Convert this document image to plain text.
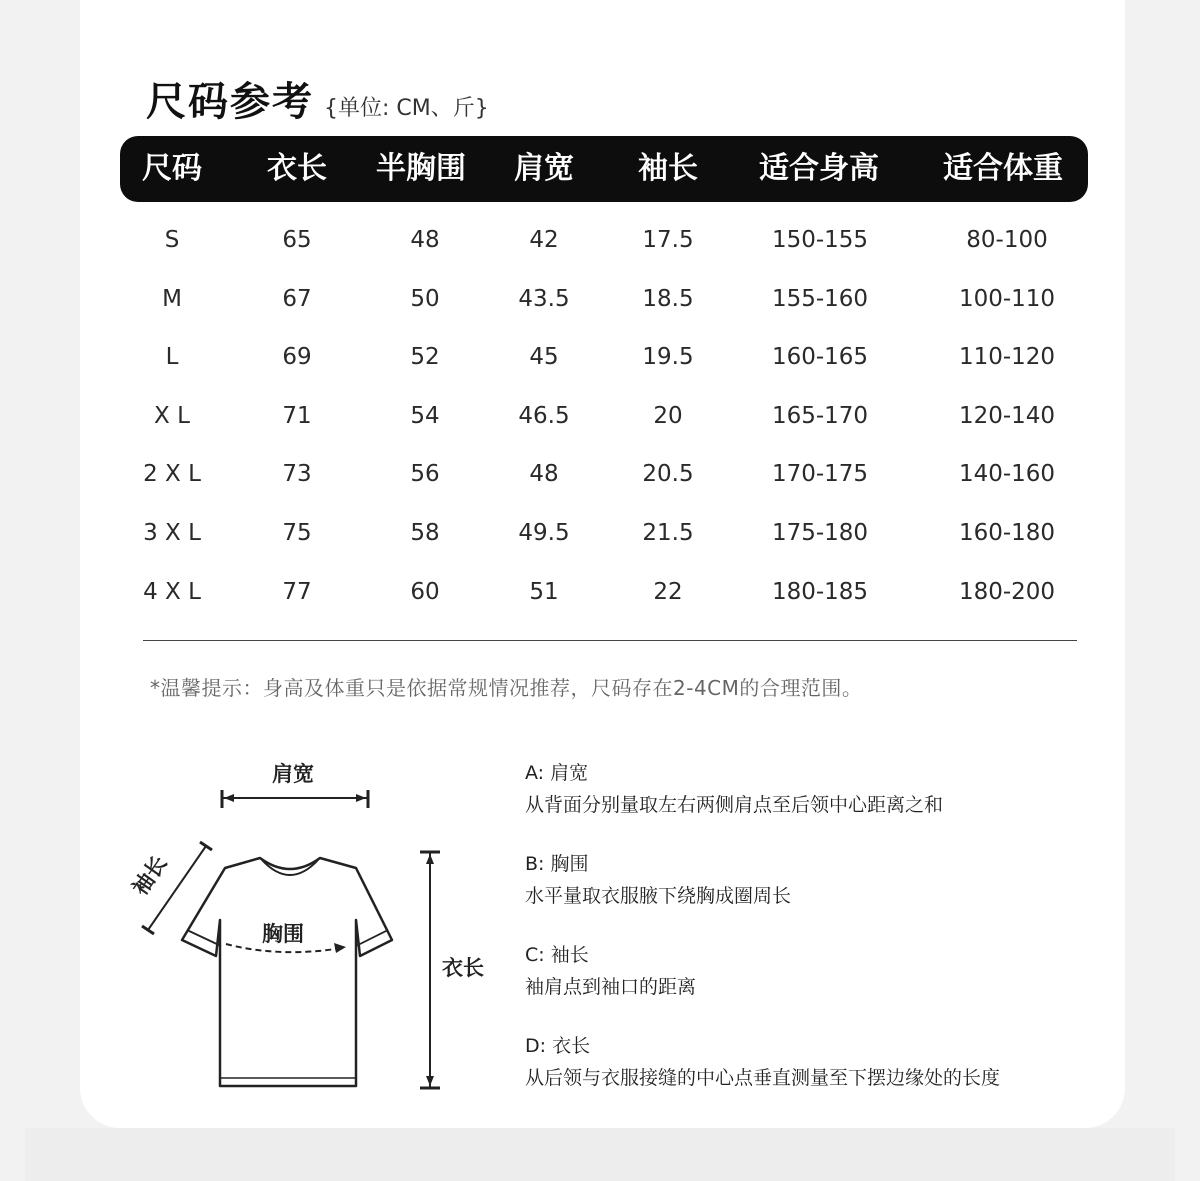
尺码参考 {单位: CM、斤}
尺码 衣长 半胸围 肩宽 袖长 适合身高 适合体重
S	65	48	42	17.5	150-155	80-100
M	67	50	43.5	18.5	155-160	100-110
L	69	52	45	19.5	160-165	110-120
X L	71	54	46.5	20	165-170	120-140
2 X L	73	56	48	20.5	170-175	140-160
3 X L	75	58	49.5	21.5	175-180	160-180
4 X L	77	60	51	22	180-185	180-200
*温馨提示：身高及体重只是依据常规情况推荐，尺码存在2-4CM的合理范围。
肩宽
袖长
胸围
衣长
A: 肩宽
从背面分别量取左右两侧肩点至后领中心距离之和
B: 胸围
水平量取衣服腋下绕胸成圈周长
C: 袖长
袖肩点到袖口的距离
D: 衣长
从后领与衣服接缝的中心点垂直测量至下摆边缘处的长度
